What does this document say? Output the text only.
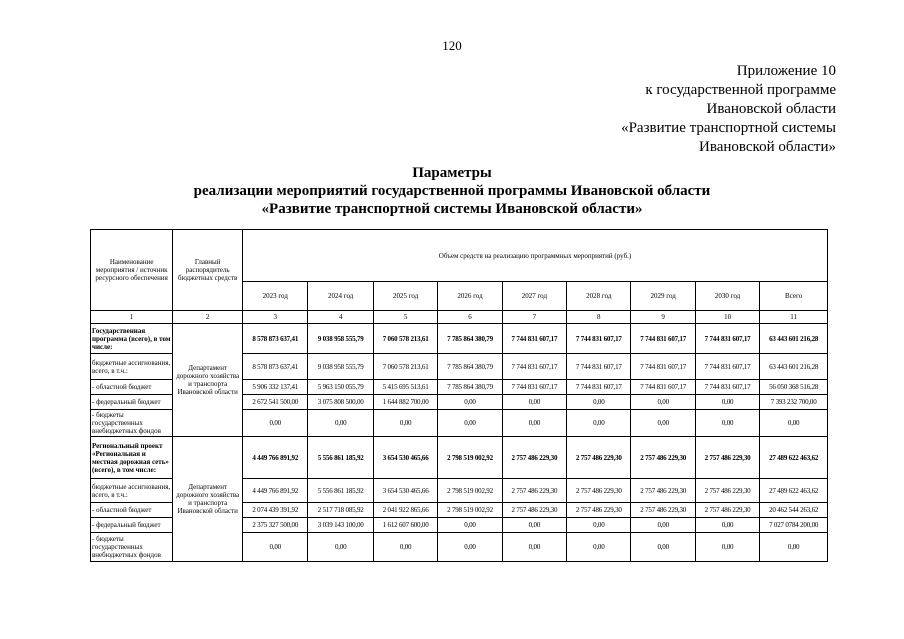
120
Приложение 10
к государственной программе
Ивановской области
«Развитие транспортной системы
Ивановской области»
Параметры
реализации мероприятий государственной программы Ивановской области
«Развитие транспортной системы Ивановской области»
Наименование мероприятия / источник ресурсного обеспечения	Главный распорядитель бюджетных средств	Объем средств на реализацию программных мероприятий (руб.)								
		2023 год	2024 год	2025 год	2026 год	2027 год	2028 год	2029 год	2030 год	Всего
1	2	3	4	5	6	7	8	9	10	11
Государственная программа (всего), в том числе:	Департамент дорожного хозяйства и транспорта Ивановской области	8 578 873 637,41	9 038 958 555,79	7 060 578 213,61	7 785 864 380,79	7 744 831 607,17	7 744 831 607,17	7 744 831 607,17	7 744 831 607,17	63 443 601 216,28
бюджетные ассигнования, всего, в т.ч.:		8 578 873 637,41	9 038 958 555,79	7 060 578 213,61	7 785 864 380,79	7 744 831 607,17	7 744 831 607,17	7 744 831 607,17	7 744 831 607,17	63 443 601 216,28
- областной бюджет		5 906 332 137,41	5 963 150 055,79	5 415 695 513,61	7 785 864 380,79	7 744 831 607,17	7 744 831 607,17	7 744 831 607,17	7 744 831 607,17	56 050 368 516,28
- федеральный бюджет		2 672 541 500,00	3 075 808 500,00	1 644 882 700,00	0,00	0,00	0,00	0,00	0,00	7 393 232 700,00
- бюджеты государственных внебюджетных фондов		0,00	0,00	0,00	0,00	0,00	0,00	0,00	0,00	0,00
Региональный проект «Региональная и местная дорожная сеть» (всего), в том числе:	Департамент дорожного хозяйства и транспорта Ивановской области	4 449 766 891,92	5 556 861 185,92	3 654 530 465,66	2 798 519 002,92	2 757 486 229,30	2 757 486 229,30	2 757 486 229,30	2 757 486 229,30	27 489 622 463,62
бюджетные ассигнования, всего, в т.ч.:		4 449 766 891,92	5 556 861 185,92	3 654 530 465,66	2 798 519 002,92	2 757 486 229,30	2 757 486 229,30	2 757 486 229,30	2 757 486 229,30	27 489 622 463,62
- областной бюджет		2 074 439 391,92	2 517 718 085,92	2 041 922 865,66	2 798 519 002,92	2 757 486 229,30	2 757 486 229,30	2 757 486 229,30	2 757 486 229,30	20 462 544 263,62
- федеральный бюджет		2 375 327 500,00	3 039 143 100,00	1 612 607 600,00	0,00	0,00	0,00	0,00	0,00	7 027 0784 200,00
- бюджеты государственных внебюджетных фондов		0,00	0,00	0,00	0,00	0,00	0,00	0,00	0,00	0,00
